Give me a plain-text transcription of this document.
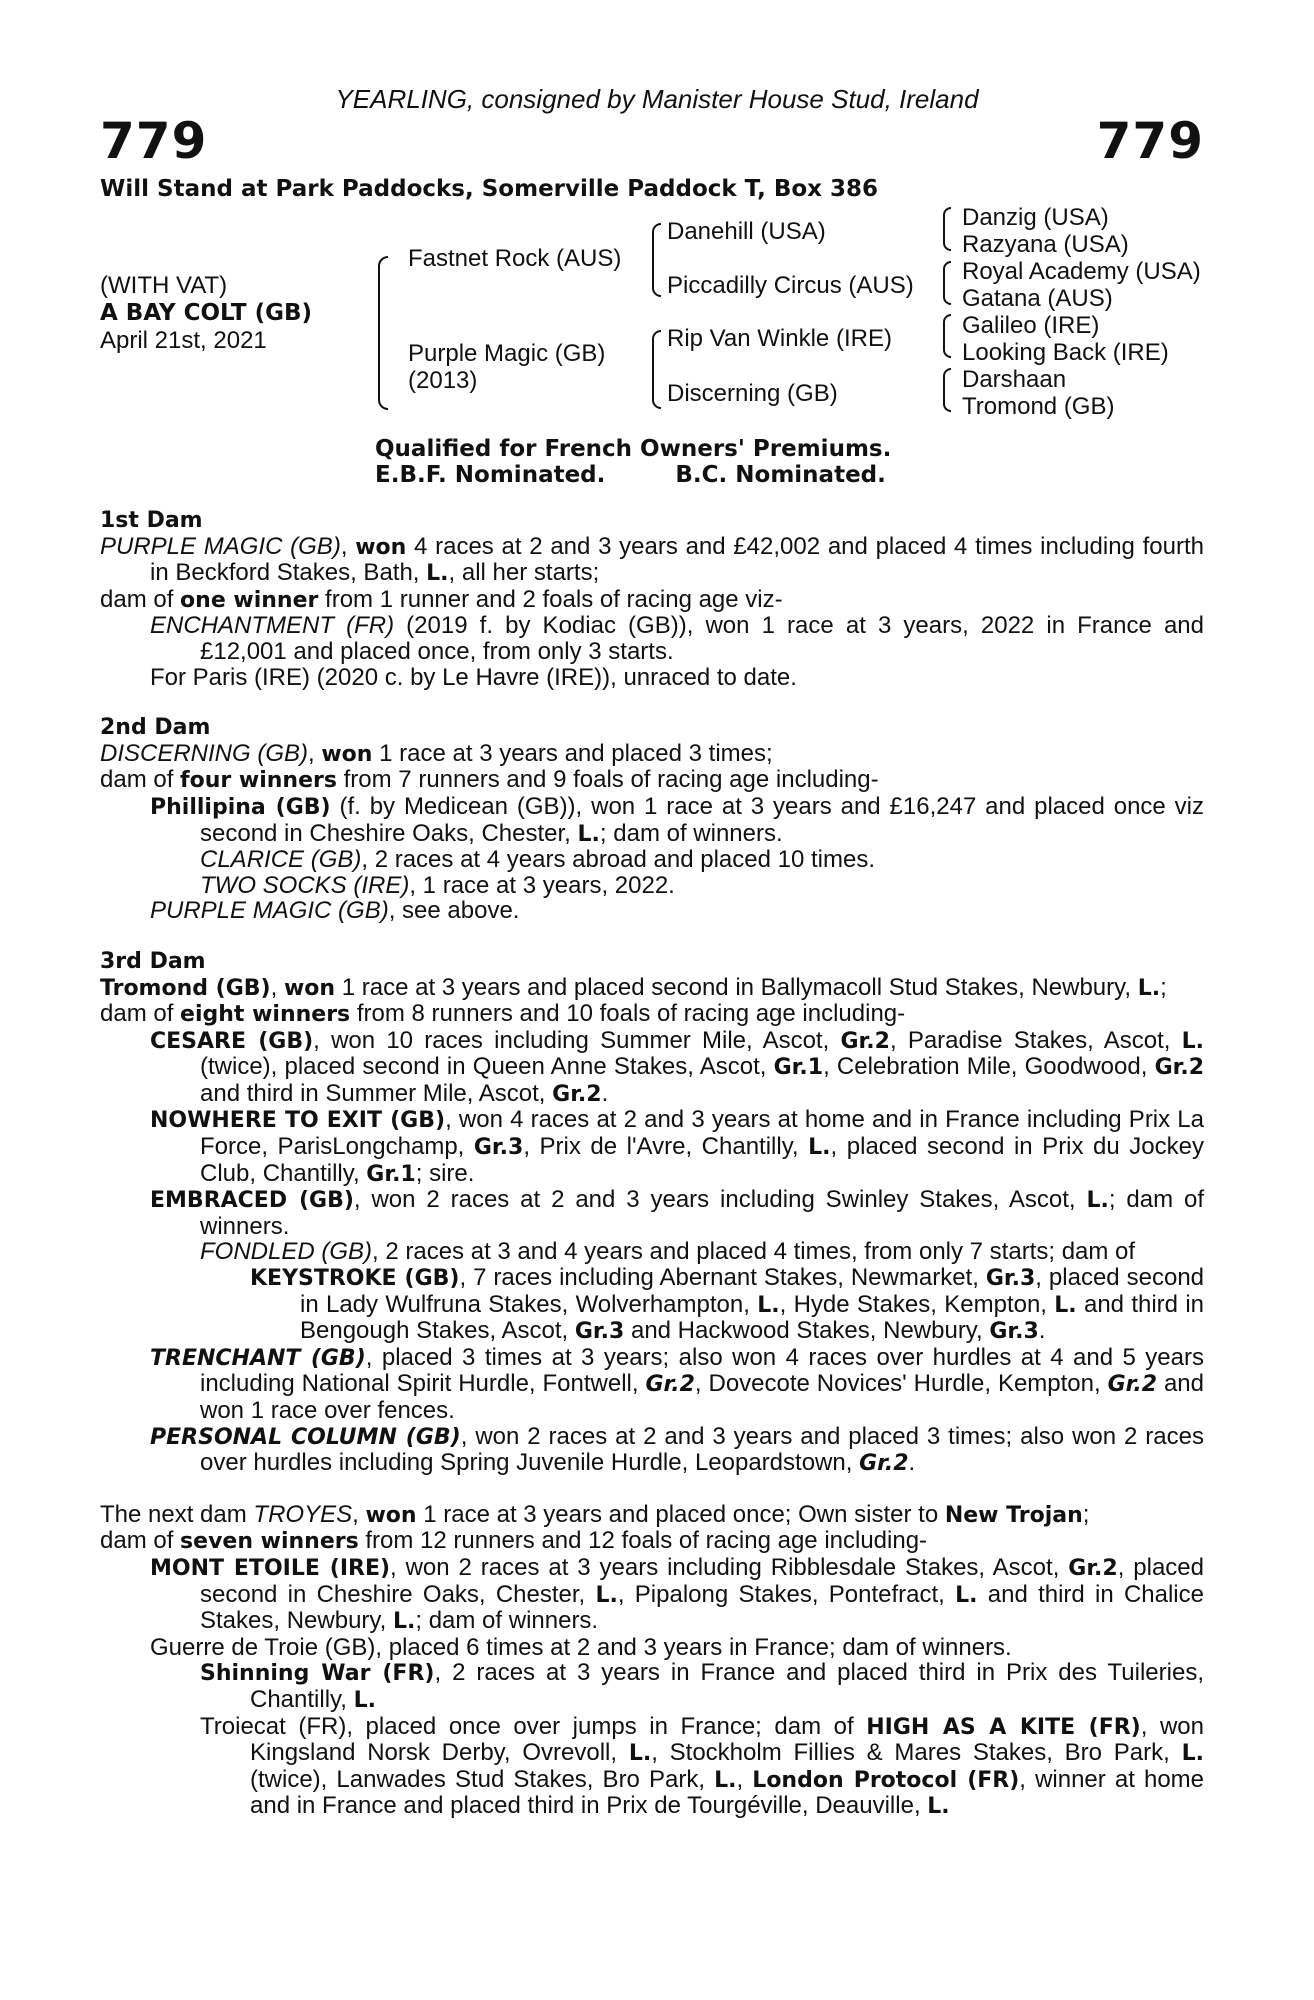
YEARLING, consigned by Manister House Stud, Ireland
779	779
Will Stand at Park Paddocks, Somerville Paddock T, Box 386
(WITH VAT)
A BAY COLT (GB)
April 21st, 2021
Fastnet Rock (AUS)
Purple Magic (GB)
(2013)
Danehill (USA)
Piccadilly Circus (AUS)
Rip Van Winkle (IRE)
Discerning (GB)
Danzig (USA)
Razyana (USA)
Royal Academy (USA)
Gatana (AUS)
Galileo (IRE)
Looking Back (IRE)
Darshaan
Tromond (GB)
Qualified for French Owners' Premiums.
E.B.F. Nominated.	B.C. Nominated.
1st Dam
PURPLE MAGIC (GB), won 4 races at 2 and 3 years and £42,002 and placed 4 times including fourth in Beckford Stakes, Bath, L., all her starts;
dam of one winner from 1 runner and 2 foals of racing age viz-
ENCHANTMENT (FR) (2019 f. by Kodiac (GB)), won 1 race at 3 years, 2022 in France and £12,001 and placed once, from only 3 starts.
For Paris (IRE) (2020 c. by Le Havre (IRE)), unraced to date.
2nd Dam
DISCERNING (GB), won 1 race at 3 years and placed 3 times;
dam of four winners from 7 runners and 9 foals of racing age including-
Phillipina (GB) (f. by Medicean (GB)), won 1 race at 3 years and £16,247 and placed once viz second in Cheshire Oaks, Chester, L.; dam of winners.
CLARICE (GB), 2 races at 4 years abroad and placed 10 times.
TWO SOCKS (IRE), 1 race at 3 years, 2022.
PURPLE MAGIC (GB), see above.
3rd Dam
Tromond (GB), won 1 race at 3 years and placed second in Ballymacoll Stud Stakes, Newbury, L.;
dam of eight winners from 8 runners and 10 foals of racing age including-
CESARE (GB), won 10 races including Summer Mile, Ascot, Gr.2, Paradise Stakes, Ascot, L. (twice), placed second in Queen Anne Stakes, Ascot, Gr.1, Celebration Mile, Goodwood, Gr.2 and third in Summer Mile, Ascot, Gr.2.
NOWHERE TO EXIT (GB), won 4 races at 2 and 3 years at home and in France including Prix La Force, ParisLongchamp, Gr.3, Prix de l'Avre, Chantilly, L., placed second in Prix du Jockey Club, Chantilly, Gr.1; sire.
EMBRACED (GB), won 2 races at 2 and 3 years including Swinley Stakes, Ascot, L.; dam of winners.
FONDLED (GB), 2 races at 3 and 4 years and placed 4 times, from only 7 starts; dam of
KEYSTROKE (GB), 7 races including Abernant Stakes, Newmarket, Gr.3, placed second in Lady Wulfruna Stakes, Wolverhampton, L., Hyde Stakes, Kempton, L. and third in Bengough Stakes, Ascot, Gr.3 and Hackwood Stakes, Newbury, Gr.3.
TRENCHANT (GB), placed 3 times at 3 years; also won 4 races over hurdles at 4 and 5 years including National Spirit Hurdle, Fontwell, Gr.2, Dovecote Novices' Hurdle, Kempton, Gr.2 and won 1 race over fences.
PERSONAL COLUMN (GB), won 2 races at 2 and 3 years and placed 3 times; also won 2 races over hurdles including Spring Juvenile Hurdle, Leopardstown, Gr.2.
The next dam TROYES, won 1 race at 3 years and placed once; Own sister to New Trojan;
dam of seven winners from 12 runners and 12 foals of racing age including-
MONT ETOILE (IRE), won 2 races at 3 years including Ribblesdale Stakes, Ascot, Gr.2, placed second in Cheshire Oaks, Chester, L., Pipalong Stakes, Pontefract, L. and third in Chalice Stakes, Newbury, L.; dam of winners.
Guerre de Troie (GB), placed 6 times at 2 and 3 years in France; dam of winners.
Shinning War (FR), 2 races at 3 years in France and placed third in Prix des Tuileries, Chantilly, L.
Troiecat (FR), placed once over jumps in France; dam of HIGH AS A KITE (FR), won Kingsland Norsk Derby, Ovrevoll, L., Stockholm Fillies & Mares Stakes, Bro Park, L. (twice), Lanwades Stud Stakes, Bro Park, L., London Protocol (FR), winner at home and in France and placed third in Prix de Tourgéville, Deauville, L.
